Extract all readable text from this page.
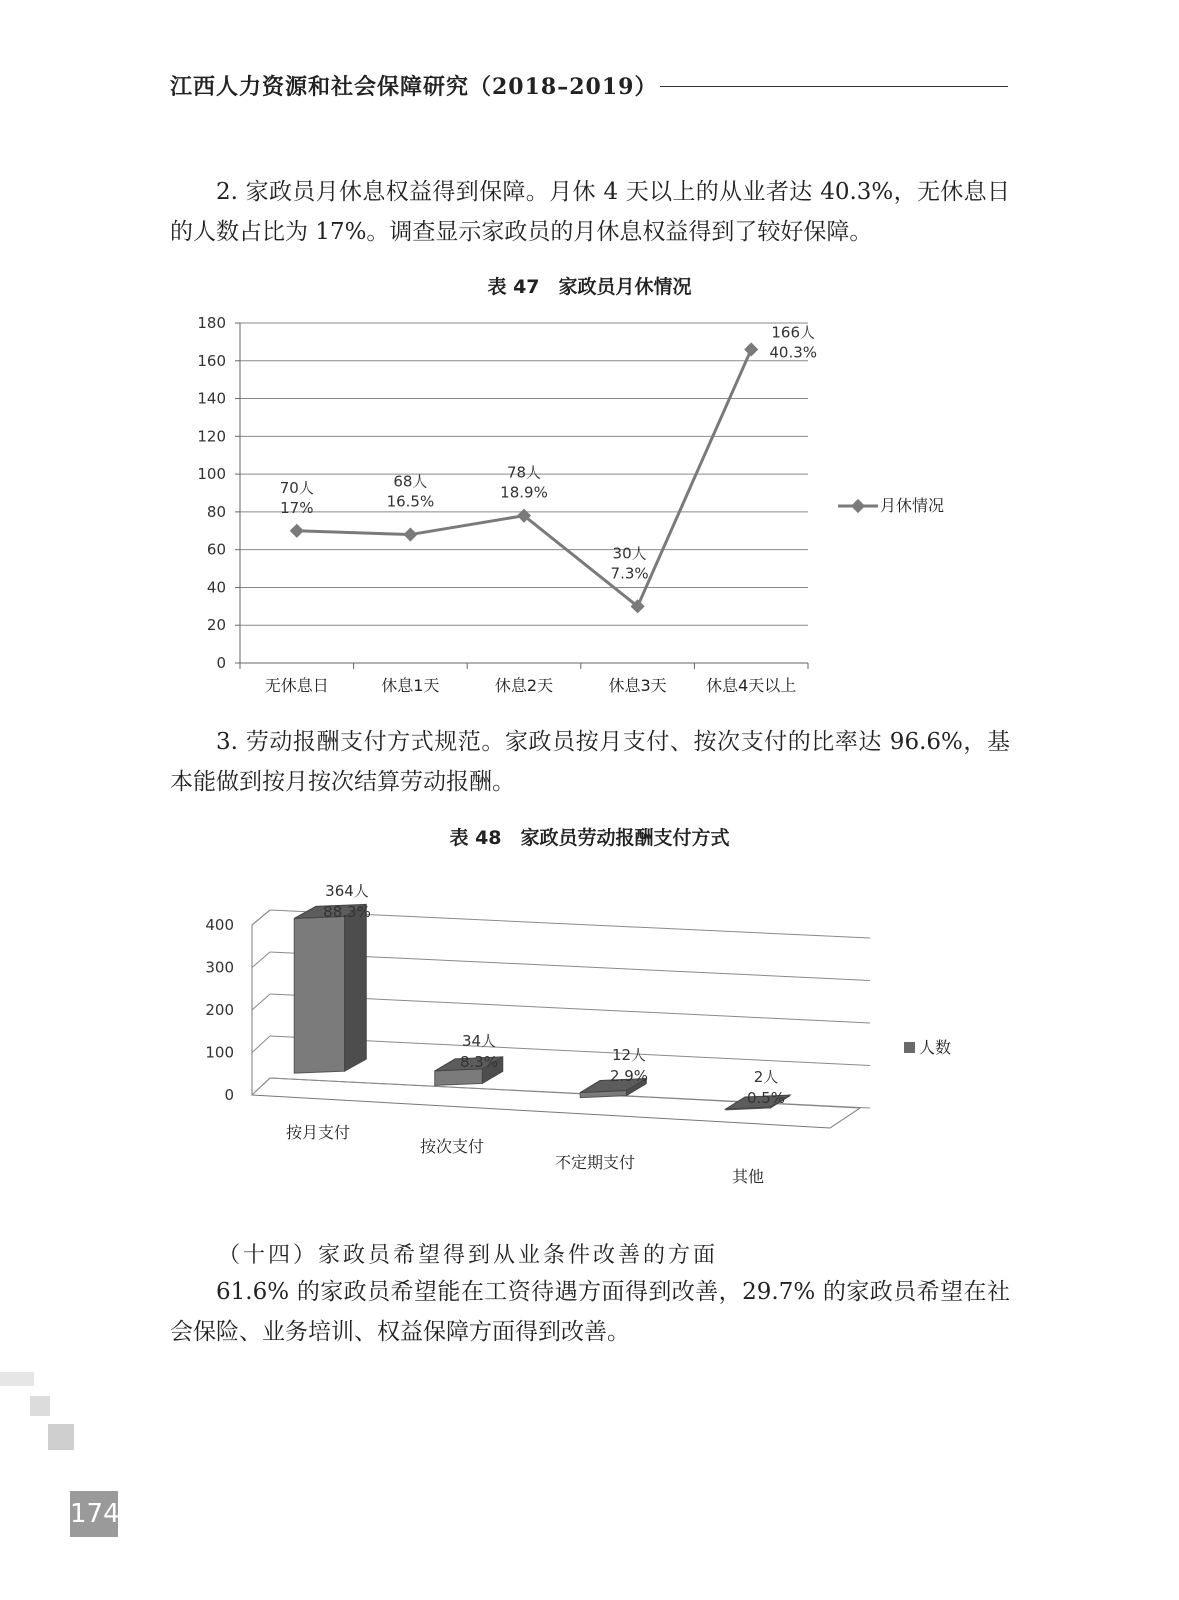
江西人力资源和社会保障研究（2018–2019）
2. 家政员月休息权益得到保障。月休 4 天以上的从业者达 40.3%，无休息日的人数占比为 17%。调查显示家政员的月休息权益得到了较好保障。
表 47　家政员月休情况
0
20
40
60
80
100
120
140
160
180
无休息日	休息1天	休息2天	休息3天 休息4天以上
70人
17%
68人
16.5%
78人
18.9%
30人
7.3%
166人
40.3%
月休情况
3. 劳动报酬支付方式规范。家政员按月支付、按次支付的比率达 96.6%，基本能做到按月按次结算劳动报酬。
表 48　家政员劳动报酬支付方式
0
100
200
300
400
按月支付
按次支付
不定期支付
其他
364人
88.3%
34人
8.3%	12人
2.9%	2人
0.5%
人数
（十四）家政员希望得到从业条件改善的方面
61.6% 的家政员希望能在工资待遇方面得到改善，29.7% 的家政员希望在社会保险、业务培训、权益保障方面得到改善。
174
